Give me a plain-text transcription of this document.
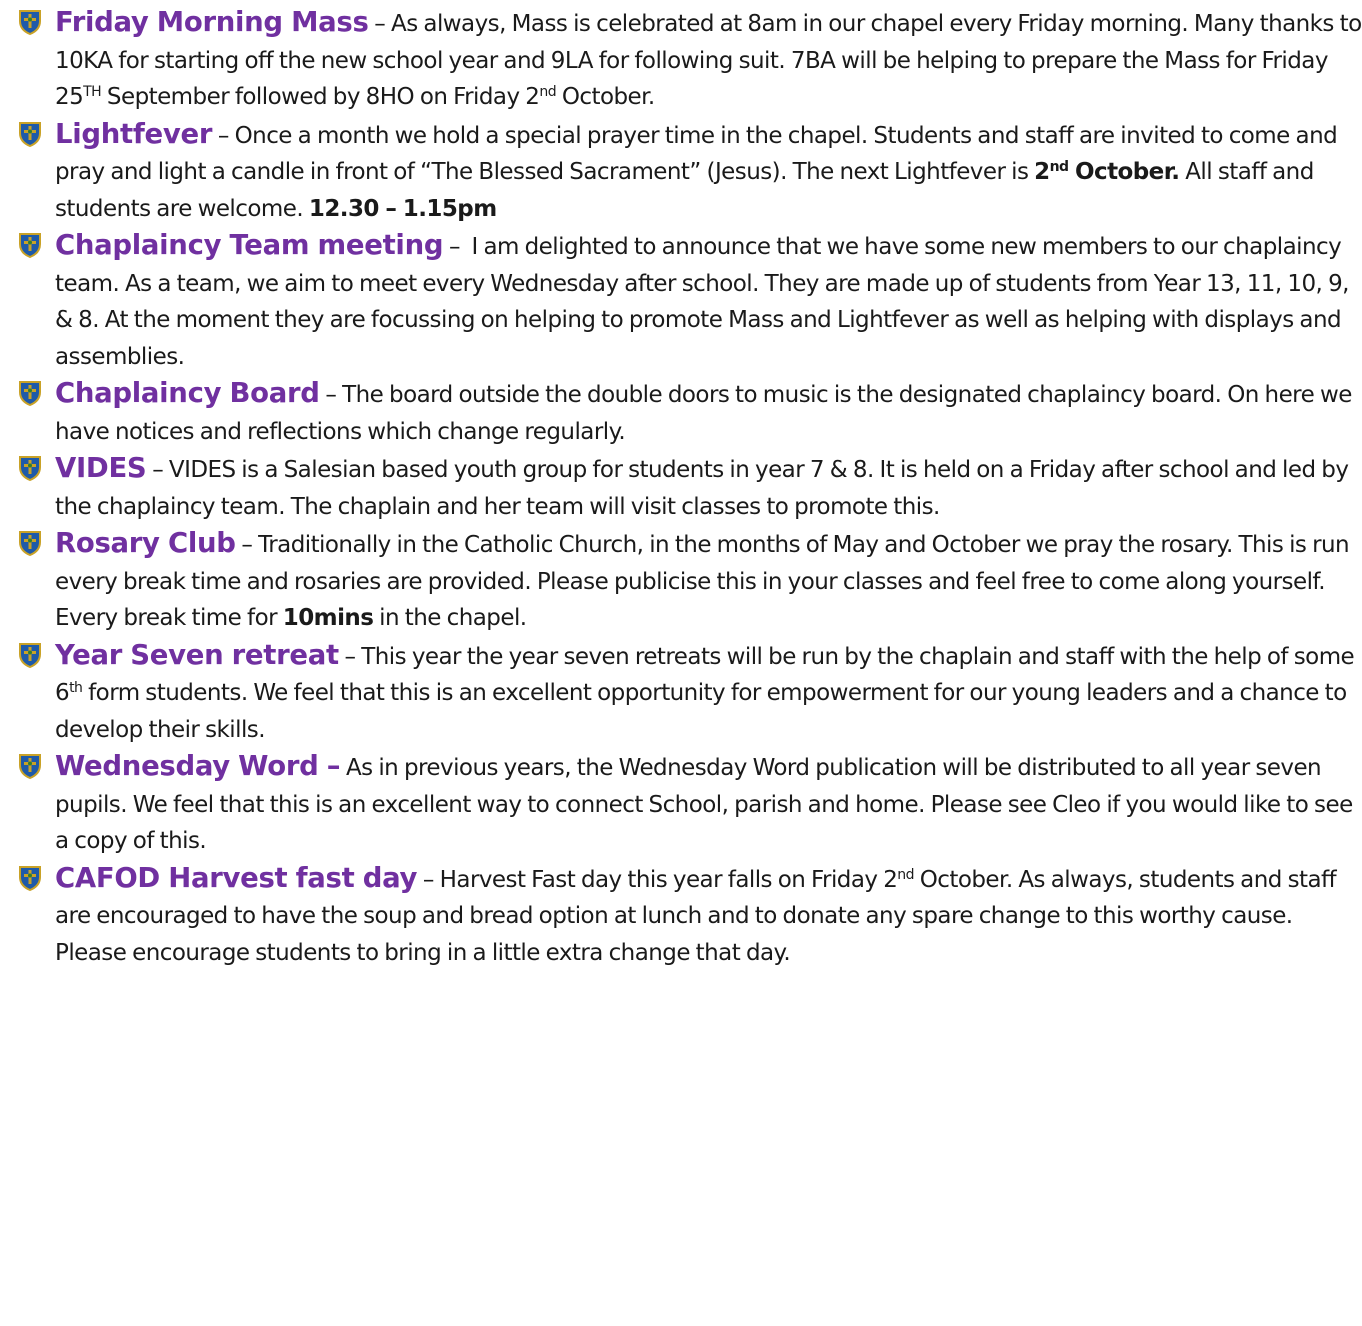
Friday Morning Mass – As always, Mass is celebrated at 8am in our chapel every Friday morning. Many thanks to 10KA for starting off the new school year and 9LA for following suit. 7BA will be helping to prepare the Mass for Friday 25TH September followed by 8HO on Friday 2nd October.
Lightfever – Once a month we hold a special prayer time in the chapel. Students and staff are invited to come and pray and light a candle in front of “The Blessed Sacrament” (Jesus). The next Lightfever is 2nd October. All staff and students are welcome. 12.30 – 1.15pm
Chaplaincy Team meeting –  I am delighted to announce that we have some new members to our chaplaincy team. As a team, we aim to meet every Wednesday after school. They are made up of students from Year 13, 11, 10, 9, & 8. At the moment they are focussing on helping to promote Mass and Lightfever as well as helping with displays and assemblies.
Chaplaincy Board – The board outside the double doors to music is the designated chaplaincy board. On here we have notices and reflections which change regularly.
VIDES – VIDES is a Salesian based youth group for students in year 7 & 8. It is held on a Friday after school and led by the chaplaincy team. The chaplain and her team will visit classes to promote this.
Rosary Club – Traditionally in the Catholic Church, in the months of May and October we pray the rosary. This is run every break time and rosaries are provided. Please publicise this in your classes and feel free to come along yourself. Every break time for 10mins in the chapel.
Year Seven retreat – This year the year seven retreats will be run by the chaplain and staff with the help of some 6th form students. We feel that this is an excellent opportunity for empowerment for our young leaders and a chance to develop their skills.
Wednesday Word – As in previous years, the Wednesday Word publication will be distributed to all year seven pupils. We feel that this is an excellent way to connect School, parish and home. Please see Cleo if you would like to see a copy of this.
CAFOD Harvest fast day – Harvest Fast day this year falls on Friday 2nd October. As always, students and staff are encouraged to have the soup and bread option at lunch and to donate any spare change to this worthy cause. Please encourage students to bring in a little extra change that day.
